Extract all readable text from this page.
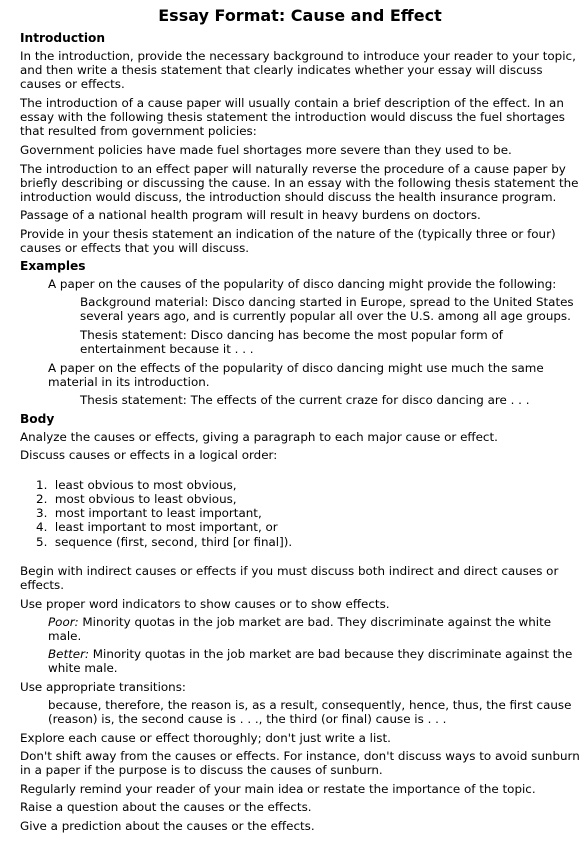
Essay Format: Cause and Effect
Introduction
In the introduction, provide the necessary background to introduce your reader to your topic,
and then write a thesis statement that clearly indicates whether your essay will discuss
causes or effects.
The introduction of a cause paper will usually contain a brief description of the effect. In an
essay with the following thesis statement the introduction would discuss the fuel shortages
that resulted from government policies:
Government policies have made fuel shortages more severe than they used to be.
The introduction to an effect paper will naturally reverse the procedure of a cause paper by
briefly describing or discussing the cause. In an essay with the following thesis statement the
introduction would discuss, the introduction should discuss the health insurance program.
Passage of a national health program will result in heavy burdens on doctors.
Provide in your thesis statement an indication of the nature of the (typically three or four)
causes or effects that you will discuss.
Examples
A paper on the causes of the popularity of disco dancing might provide the following:
Background material: Disco dancing started in Europe, spread to the United States
several years ago, and is currently popular all over the U.S. among all age groups.
Thesis statement: Disco dancing has become the most popular form of
entertainment because it . . .
A paper on the effects of the popularity of disco dancing might use much the same
material in its introduction.
Thesis statement: The effects of the current craze for disco dancing are . . .
Body
Analyze the causes or effects, giving a paragraph to each major cause or effect.
Discuss causes or effects in a logical order:
1. least obvious to most obvious,
2. most obvious to least obvious,
3. most important to least important,
4. least important to most important, or
5. sequence (first, second, third [or final]).
Begin with indirect causes or effects if you must discuss both indirect and direct causes or
effects.
Use proper word indicators to show causes or to show effects.
Poor: Minority quotas in the job market are bad. They discriminate against the white
male.
Better: Minority quotas in the job market are bad because they discriminate against the
white male.
Use appropriate transitions:
because, therefore, the reason is, as a result, consequently, hence, thus, the first cause
(reason) is, the second cause is . . ., the third (or final) cause is . . .
Explore each cause or effect thoroughly; don't just write a list.
Don't shift away from the causes or effects. For instance, don't discuss ways to avoid sunburn
in a paper if the purpose is to discuss the causes of sunburn.
Regularly remind your reader of your main idea or restate the importance of the topic.
Raise a question about the causes or the effects.
Give a prediction about the causes or the effects.
